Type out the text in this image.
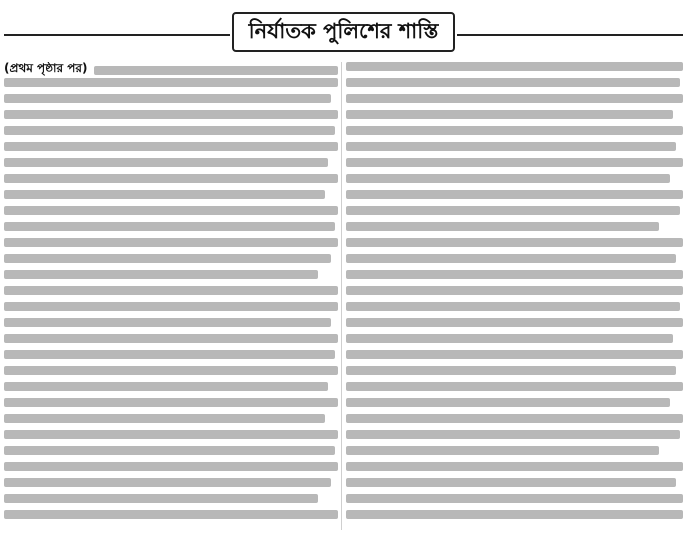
নির্যাতক পুলিশের শাস্তি
(প্রথম পৃষ্ঠার পর)
